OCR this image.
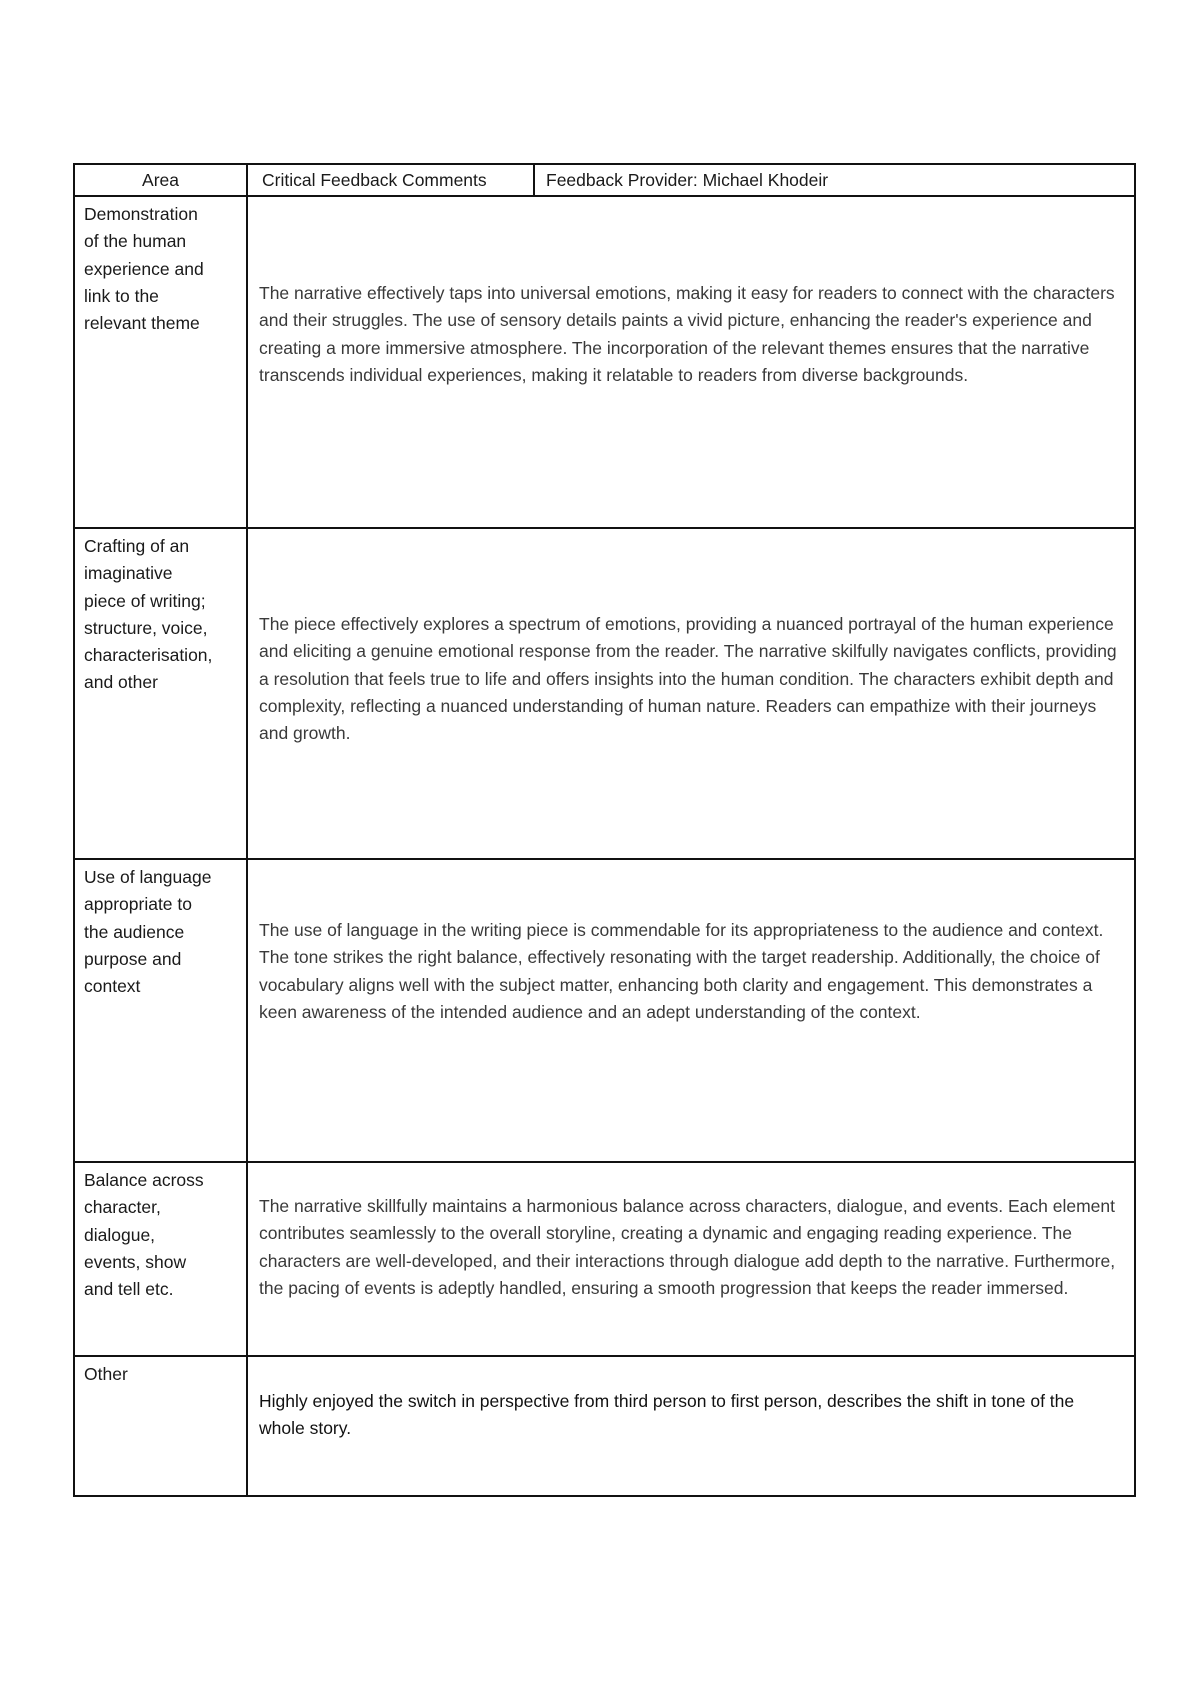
Area	Critical Feedback Comments	Feedback Provider: Michael Khodeir
Demonstration
of the human
experience and
link to the
relevant theme
The narrative effectively taps into universal emotions, making it easy for readers to connect with the characters and their struggles. The use of sensory details paints a vivid picture, enhancing the reader's experience and creating a more immersive atmosphere. The incorporation of the relevant themes ensures that the narrative transcends individual experiences, making it relatable to readers from diverse backgrounds.
Crafting of an
imaginative
piece of writing;
structure, voice,
characterisation,
and other
The piece effectively explores a spectrum of emotions, providing a nuanced portrayal of the human experience and eliciting a genuine emotional response from the reader. The narrative skilfully navigates conflicts, providing a resolution that feels true to life and offers insights into the human condition. The characters exhibit depth and complexity, reflecting a nuanced understanding of human nature. Readers can empathize with their journeys and growth.
Use of language
appropriate to
the audience
purpose and
context
The use of language in the writing piece is commendable for its appropriateness to the audience and context. The tone strikes the right balance, effectively resonating with the target readership. Additionally, the choice of vocabulary aligns well with the subject matter, enhancing both clarity and engagement. This demonstrates a keen awareness of the intended audience and an adept understanding of the context.
Balance across
character,
dialogue,
events, show
and tell etc.
The narrative skillfully maintains a harmonious balance across characters, dialogue, and events. Each element contributes seamlessly to the overall storyline, creating a dynamic and engaging reading experience. The characters are well-developed, and their interactions through dialogue add depth to the narrative. Furthermore, the pacing of events is adeptly handled, ensuring a smooth progression that keeps the reader immersed.
Other
Highly enjoyed the switch in perspective from third person to first person, describes the shift in tone of the whole story.
